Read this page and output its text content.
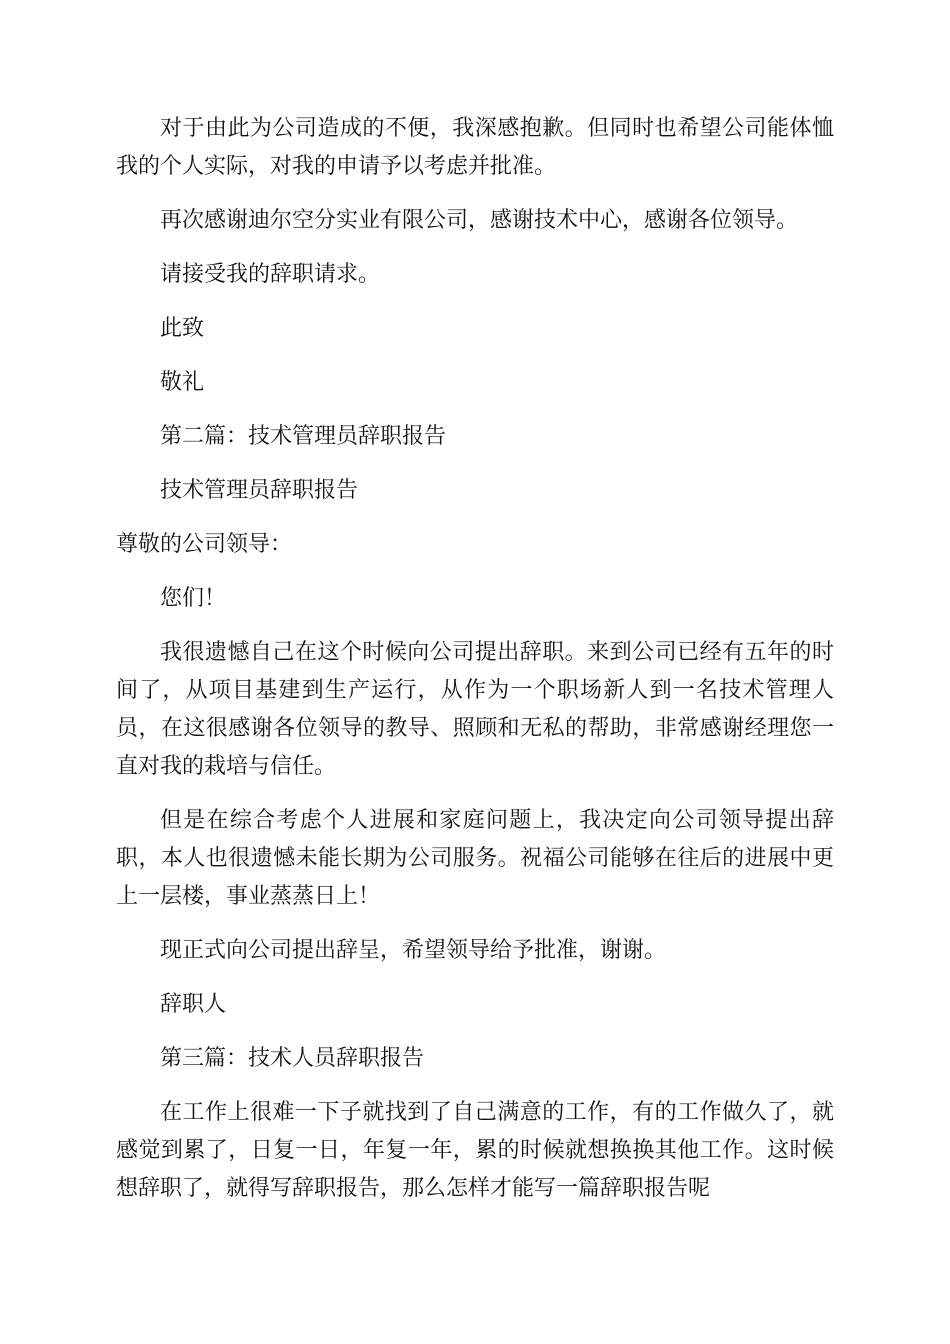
对于由此为公司造成的不便，我深感抱歉。但同时也希望公司能体恤我的个人实际，对我的申请予以考虑并批准。

再次感谢迪尔空分实业有限公司，感谢技术中心，感谢各位领导。

请接受我的辞职请求。

此致

敬礼

第二篇：技术管理员辞职报告

技术管理员辞职报告

尊敬的公司领导：

您们！

我很遗憾自己在这个时候向公司提出辞职。来到公司已经有五年的时间了，从项目基建到生产运行，从作为一个职场新人到一名技术管理人员，在这很感谢各位领导的教导、照顾和无私的帮助，非常感谢经理您一直对我的栽培与信任。

但是在综合考虑个人进展和家庭问题上，我决定向公司领导提出辞职，本人也很遗憾未能长期为公司服务。祝福公司能够在往后的进展中更上一层楼，事业蒸蒸日上！

现正式向公司提出辞呈，希望领导给予批准，谢谢。

辞职人

第三篇：技术人员辞职报告

在工作上很难一下子就找到了自己满意的工作，有的工作做久了，就感觉到累了，日复一日，年复一年，累的时候就想换换其他工作。这时候想辞职了，就得写辞职报告，那么怎样才能写一篇辞职报告呢
